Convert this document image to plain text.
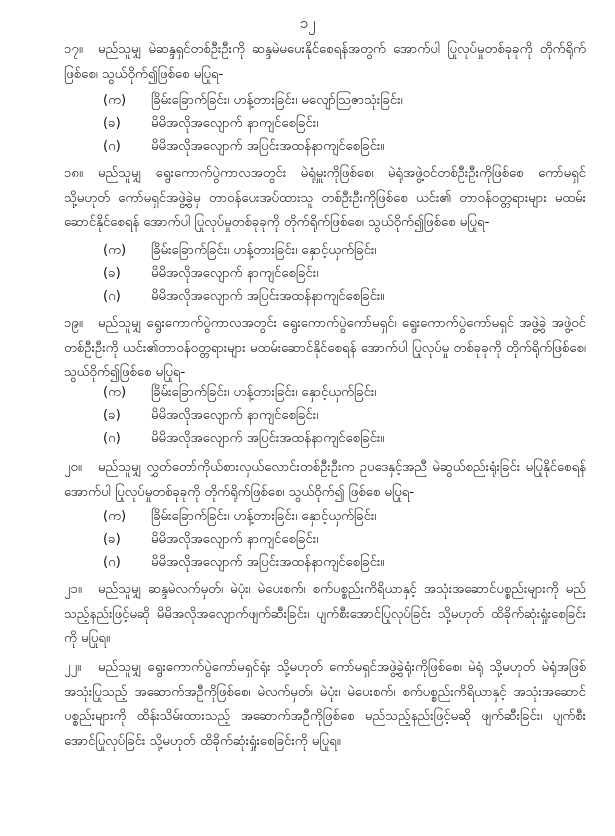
၁၂
၁၇။ မည်သူမျှ မဲဆန္ဒရှင်တစ်ဦးဦးကို ဆန္ဒမဲမပေးနိုင်စေရန်အတွက် အောက်ပါ ပြုလုပ်မှုတစ်ခုခုကို တိုက်ရိုက်ဖြစ်စေ၊ သွယ်ဝိုက်၍ဖြစ်စေ မပြုရ-
(က) ခြိမ်းခြောက်ခြင်း၊ ဟန့်တားခြင်း၊ မလျော်ဩဇာသုံးခြင်း၊
(ခ) မိမိအလိုအလျောက် နာကျင်စေခြင်း၊
(ဂ) မိမိအလိုအလျောက် အပြင်းအထန်နာကျင်စေခြင်း။
၁၈။ မည်သူမျှ ရွေးကောက်ပွဲကာလအတွင်း မဲရုံမှူးကိုဖြစ်စေ၊ မဲရုံအဖွဲ့ဝင်တစ်ဦးဦးကိုဖြစ်စေ ကော်မရှင် သို့မဟုတ် ကော်မရှင်အဖွဲ့ခွဲမှ တာဝန်ပေးအပ်ထားသူ တစ်ဦးဦးကိုဖြစ်စေ ယင်း၏ တာဝန်ဝတ္တရားများ မထမ်းဆောင်နိုင်စေရန် အောက်ပါ ပြုလုပ်မှုတစ်ခုခုကို တိုက်ရိုက်ဖြစ်စေ၊ သွယ်ဝိုက်၍ဖြစ်စေ မပြုရ-
(က) ခြိမ်းခြောက်ခြင်း၊ ဟန့်တားခြင်း၊ နှောင့်ယှက်ခြင်း၊
(ခ) မိမိအလိုအလျောက် နာကျင်စေခြင်း၊
(ဂ) မိမိအလိုအလျောက် အပြင်းအထန်နာကျင်စေခြင်း။
၁၉။ မည်သူမျှ ရွေးကောက်ပွဲကာလအတွင်း ရွေးကောက်ပွဲကော်မရှင်၊ ရွေးကောက်ပွဲကော်မရှင် အဖွဲ့ခွဲ အဖွဲ့ဝင်တစ်ဦးဦးကို ယင်း၏တာဝန်ဝတ္တရားများ မထမ်းဆောင်နိုင်စေရန် အောက်ပါ ပြုလုပ်မှု တစ်ခုခုကို တိုက်ရိုက်ဖြစ်စေ၊ သွယ်ဝိုက်၍ဖြစ်စေ မပြုရ-
(က) ခြိမ်းခြောက်ခြင်း၊ ဟန့်တားခြင်း၊ နှောင့်ယှက်ခြင်း၊
(ခ) မိမိအလိုအလျောက် နာကျင်စေခြင်း၊
(ဂ) မိမိအလိုအလျောက် အပြင်းအထန်နာကျင်စေခြင်း။
၂၀။ မည်သူမျှ လွှတ်တော်ကိုယ်စားလှယ်လောင်းတစ်ဦးဦးက ဥပဒေနှင့်အညီ မဲဆွယ်စည်းရုံးခြင်း မပြုနိုင်စေရန် အောက်ပါ ပြုလုပ်မှုတစ်ခုခုကို တိုက်ရိုက်ဖြစ်စေ၊ သွယ်ဝိုက်၍ ဖြစ်စေ မပြုရ-
(က) ခြိမ်းခြောက်ခြင်း၊ ဟန့်တားခြင်း၊ နှောင့်ယှက်ခြင်း၊
(ခ) မိမိအလိုအလျောက် နာကျင်စေခြင်း၊
(ဂ) မိမိအလိုအလျောက် အပြင်းအထန်နာကျင်စေခြင်း။
၂၁။ မည်သူမျှ ဆန္ဒမဲလက်မှတ်၊ မဲပုံး၊ မဲပေးစက်၊ စက်ပစ္စည်းကိရိယာနှင့် အသုံးအဆောင်ပစ္စည်းများကို မည်သည့်နည်းဖြင့်မဆို မိမိအလိုအလျောက်ဖျက်ဆီးခြင်း၊ ပျက်စီးအောင်ပြုလုပ်ခြင်း သို့မဟုတ် ထိခိုက်ဆုံးရှုံးစေခြင်းကို မပြုရ။
၂၂။ မည်သူမျှ ရွေးကောက်ပွဲကော်မရှင်ရုံး သို့မဟုတ် ကော်မရှင်အဖွဲ့ခွဲရုံးကိုဖြစ်စေ၊ မဲရုံ သို့မဟုတ် မဲရုံအဖြစ် အသုံးပြုသည့် အဆောက်အဦကိုဖြစ်စေ၊ မဲလက်မှတ်၊ မဲပုံး၊ မဲပေးစက်၊ စက်ပစ္စည်းကိရိယာနှင့် အသုံးအဆောင်ပစ္စည်းများကို ထိန်းသိမ်းထားသည့် အဆောက်အဦကိုဖြစ်စေ မည်သည့်နည်းဖြင့်မဆို ဖျက်ဆီးခြင်း၊ ပျက်စီးအောင်ပြုလုပ်ခြင်း သို့မဟုတ် ထိခိုက်ဆုံးရှုံးစေခြင်းကို မပြုရ။
